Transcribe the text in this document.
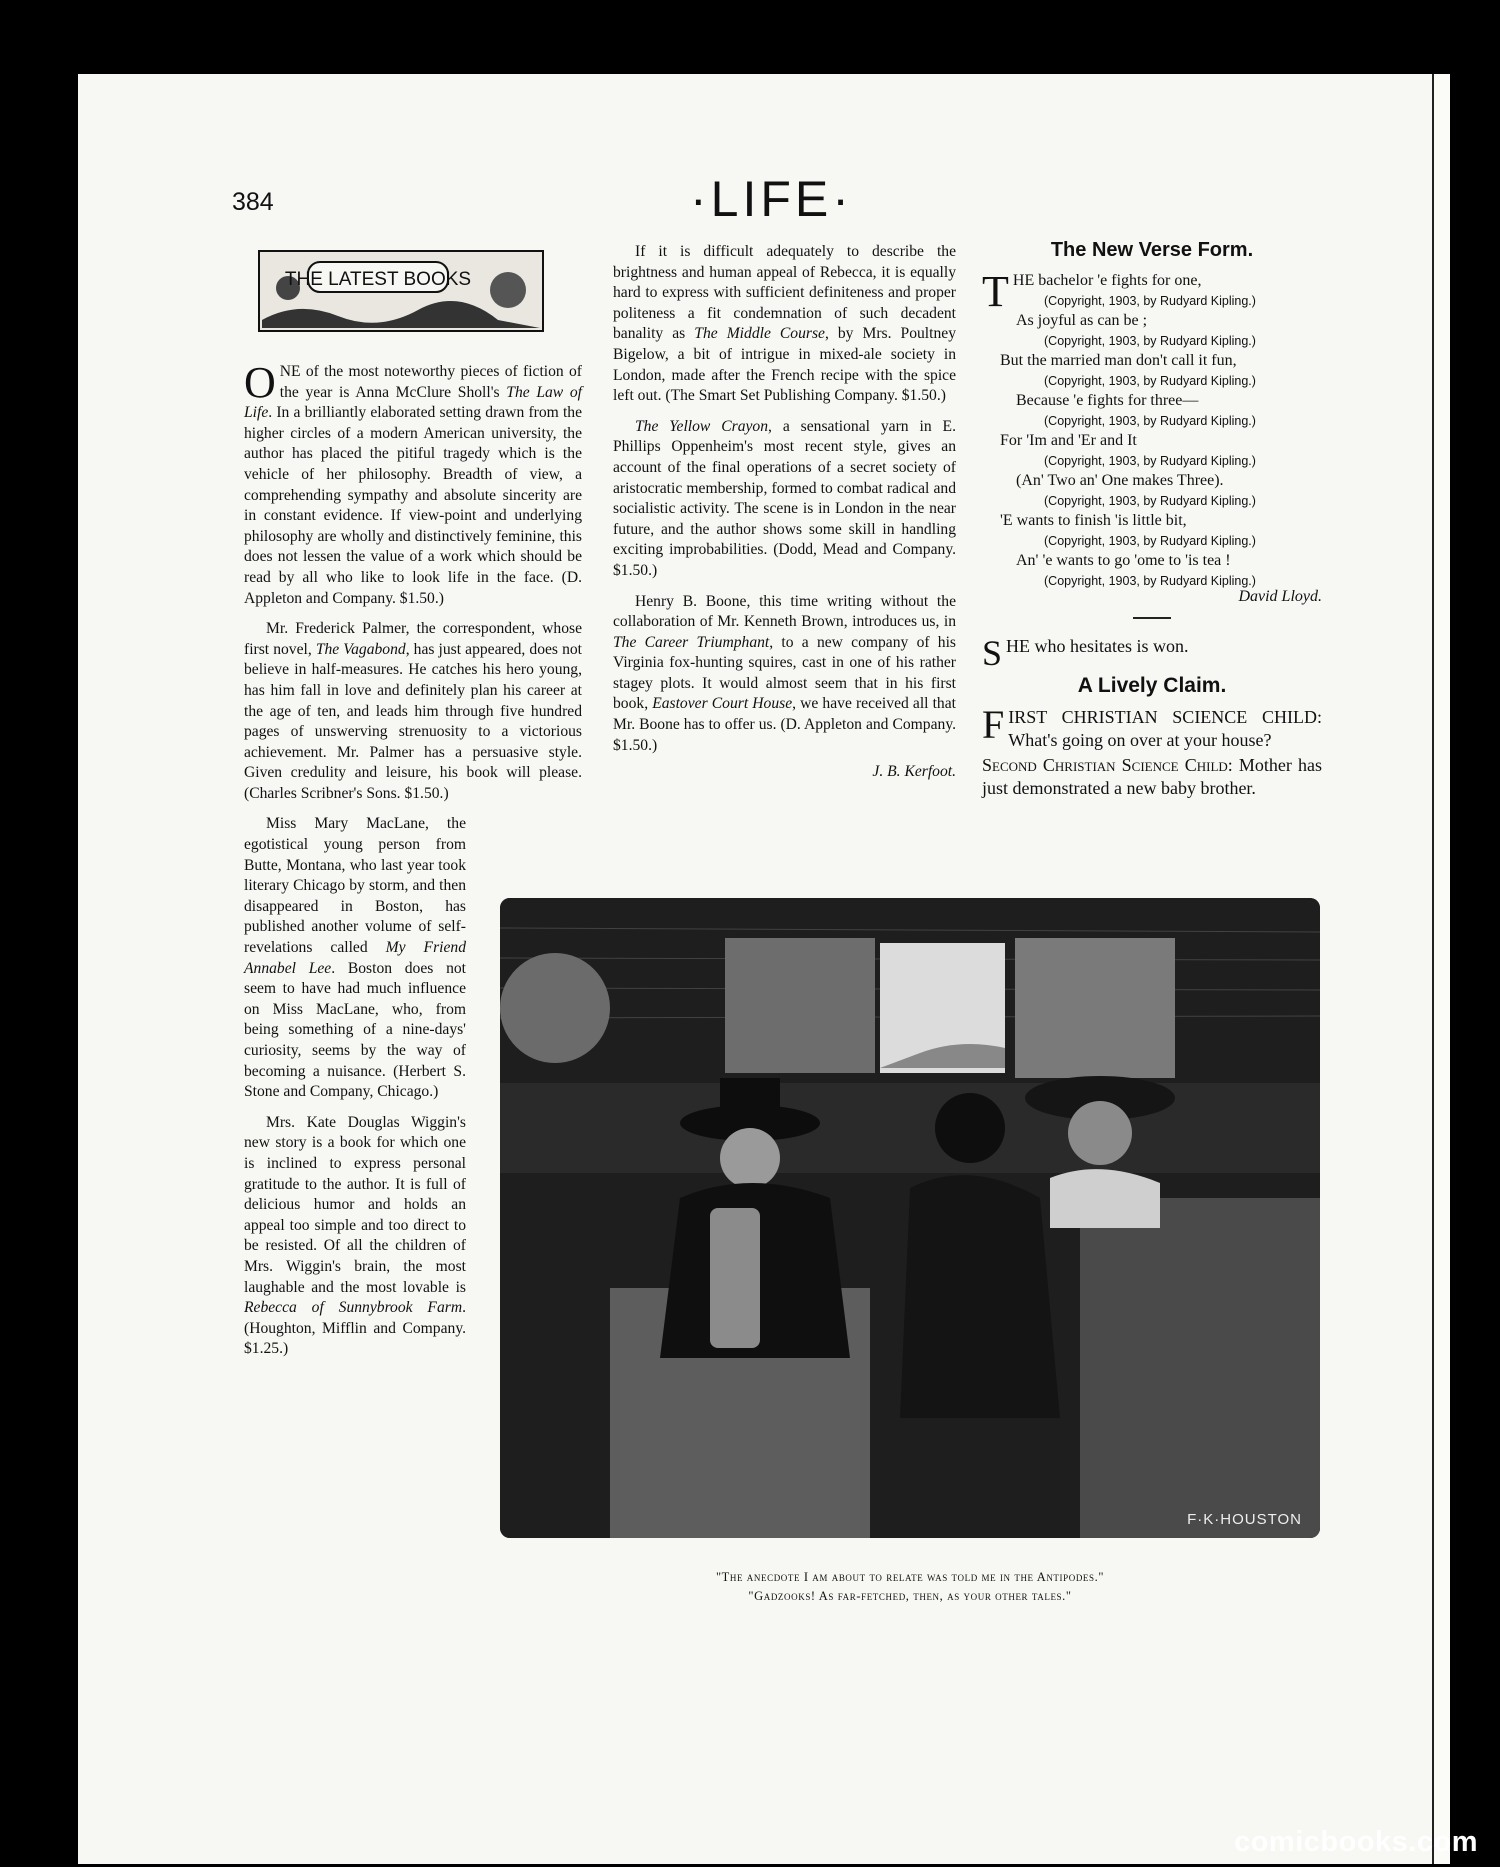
384	·LIFE·
THE LATEST BOOKS

ONE of the most noteworthy pieces of fiction of the year is Anna McClure Sholl's The Law of Life. In a brilliantly elaborated setting drawn from the higher circles of a modern American university, the author has placed the pitiful tragedy which is the vehicle of her philosophy. Breadth of view, a comprehending sympathy and absolute sincerity are in constant evidence. If view-point and underlying philosophy are wholly and distinctively feminine, this does not lessen the value of a work which should be read by all who like to look life in the face. (D. Appleton and Company. $1.50.)

Mr. Frederick Palmer, the correspondent, whose first novel, The Vagabond, has just appeared, does not believe in half-measures. He catches his hero young, has him fall in love and definitely plan his career at the age of ten, and leads him through five hundred pages of unswerving strenuosity to a victorious achievement. Mr. Palmer has a persuasive style. Given credulity and leisure, his book will please. (Charles Scribner's Sons. $1.50.)

Miss Mary MacLane, the egotistical young person from Butte, Montana, who last year took literary Chicago by storm, and then disappeared in Boston, has published another volume of self-revelations called My Friend Annabel Lee. Boston does not seem to have had much influence on Miss MacLane, who, from being something of a nine-days' curiosity, seems by the way of becoming a nuisance. (Herbert S. Stone and Company, Chicago.)

Mrs. Kate Douglas Wiggin's new story is a book for which one is inclined to express personal gratitude to the author. It is full of delicious humor and holds an appeal too simple and too direct to be resisted. Of all the children of Mrs. Wiggin's brain, the most laughable and the most lovable is Rebecca of Sunnybrook Farm. (Houghton, Mifflin and Company. $1.25.)

If it is difficult adequately to describe the brightness and human appeal of Rebecca, it is equally hard to express with sufficient definiteness and proper politeness a fit condemnation of such decadent banality as The Middle Course, by Mrs. Poultney Bigelow, a bit of intrigue in mixed-ale society in London, made after the French recipe with the spice left out. (The Smart Set Publishing Company. $1.50.)

The Yellow Crayon, a sensational yarn in E. Phillips Oppenheim's most recent style, gives an account of the final operations of a secret society of aristocratic membership, formed to combat radical and socialistic activity. The scene is in London in the near future, and the author shows some skill in handling exciting improbabilities. (Dodd, Mead and Company. $1.50.)

Henry B. Boone, this time writing without the collaboration of Mr. Kenneth Brown, introduces us, in The Career Triumphant, to a new company of his Virginia fox-hunting squires, cast in one of his rather stagey plots. It would almost seem that in his first book, Eastover Court House, we have received all that Mr. Boone has to offer us. (D. Appleton and Company. $1.50.)

J. B. Kerfoot.
The New Verse Form.
THE bachelor 'e fights for one,
(Copyright, 1903, by Rudyard Kipling.)
As joyful as can be ;
(Copyright, 1903, by Rudyard Kipling.)
But the married man don't call it fun,
(Copyright, 1903, by Rudyard Kipling.)
Because 'e fights for three—
(Copyright, 1903, by Rudyard Kipling.)
For 'Im and 'Er and It
(Copyright, 1903, by Rudyard Kipling.)
(An' Two an' One makes Three).
(Copyright, 1903, by Rudyard Kipling.)
'E wants to finish 'is little bit,
(Copyright, 1903, by Rudyard Kipling.)
An' 'e wants to go 'ome to 'is tea !
(Copyright, 1903, by Rudyard Kipling.)
David Lloyd.
SHE who hesitates is won.
A Lively Claim.
FIRST CHRISTIAN SCIENCE CHILD: What's going on over at your house?
Second Christian Science Child: Mother has just demonstrated a new baby brother.
F·K·HOUSTON
"The anecdote I am about to relate was told me in the Antipodes."
"Gadzooks! As far-fetched, then, as your other tales."
comicbooks.com
